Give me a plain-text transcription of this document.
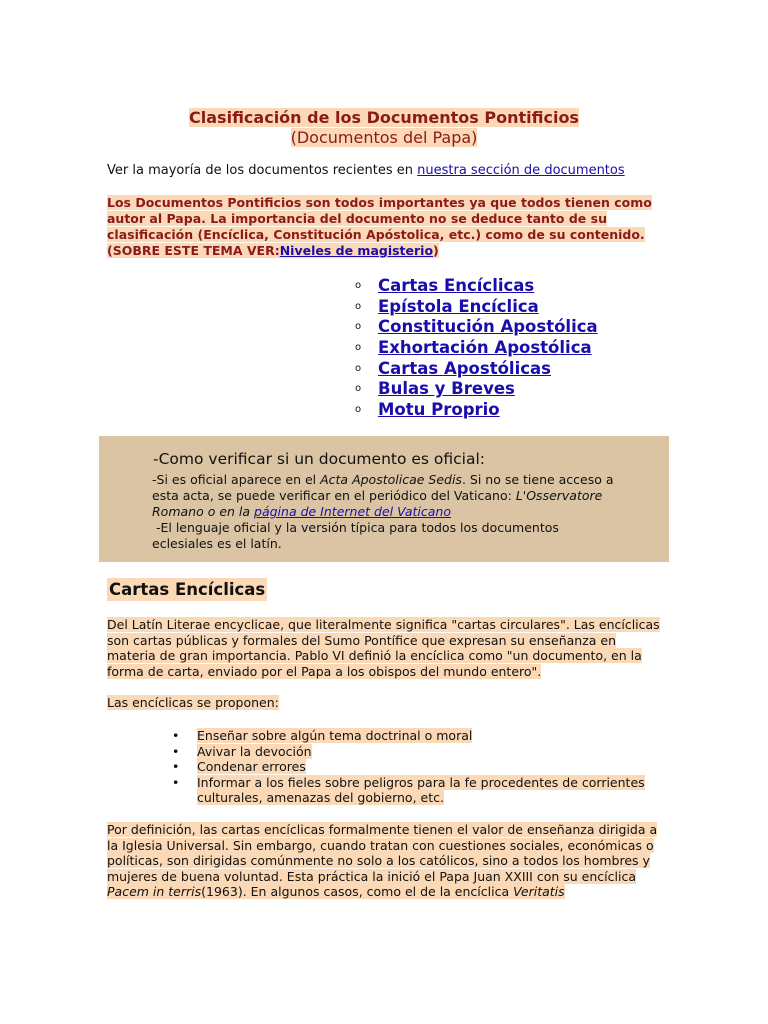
Clasificación de los Documentos Pontificios
(Documentos del Papa)
Ver la mayoría de los documentos recientes en nuestra sección de documentos
Los Documentos Pontificios son todos importantes ya que todos tienen como autor al Papa. La importancia del documento no se deduce tanto de su clasificación (Encíclica, Constitución Apóstolica, etc.) como de su contenido. (SOBRE ESTE TEMA VER:Niveles de magisterio)
o	Cartas Encíclicas
o	Epístola Encíclica
o	Constitución Apostólica
o	Exhortación Apostólica
o	Cartas Apostólicas
o	Bulas y Breves
o	Motu Proprio
-Como verificar si un documento es oficial:
-Si es oficial aparece en el Acta Apostolicae Sedis. Si no se tiene acceso a esta acta, se puede verificar en el periódico del Vaticano: L'Osservatore Romano o en la página de Internet del Vaticano
-El lenguaje oficial y la versión típica para todos los documentos eclesiales es el latín.
Cartas Encíclicas
Del Latín Literae encyclicae, que literalmente significa "cartas circulares". Las encíclicas son cartas públicas y formales del Sumo Pontífice que expresan su enseñanza en materia de gran importancia. Pablo VI definió la encíclica como "un documento, en la forma de carta, enviado por el Papa a los obispos del mundo entero".
Las encíclicas se proponen:
• Enseñar sobre algún tema doctrinal o moral
• Avivar la devoción
• Condenar errores
• Informar a los fieles sobre peligros para la fe procedentes de corrientes culturales, amenazas del gobierno, etc.
Por definición, las cartas encíclicas formalmente tienen el valor de enseñanza dirigida a la Iglesia Universal. Sin embargo, cuando tratan con cuestiones sociales, económicas o políticas, son dirigidas comúnmente no solo a los católicos, sino a todos los hombres y mujeres de buena voluntad. Esta práctica la inició el Papa Juan XXIII con su encíclica Pacem in terris(1963). En algunos casos, como el de la encíclica Veritatis
